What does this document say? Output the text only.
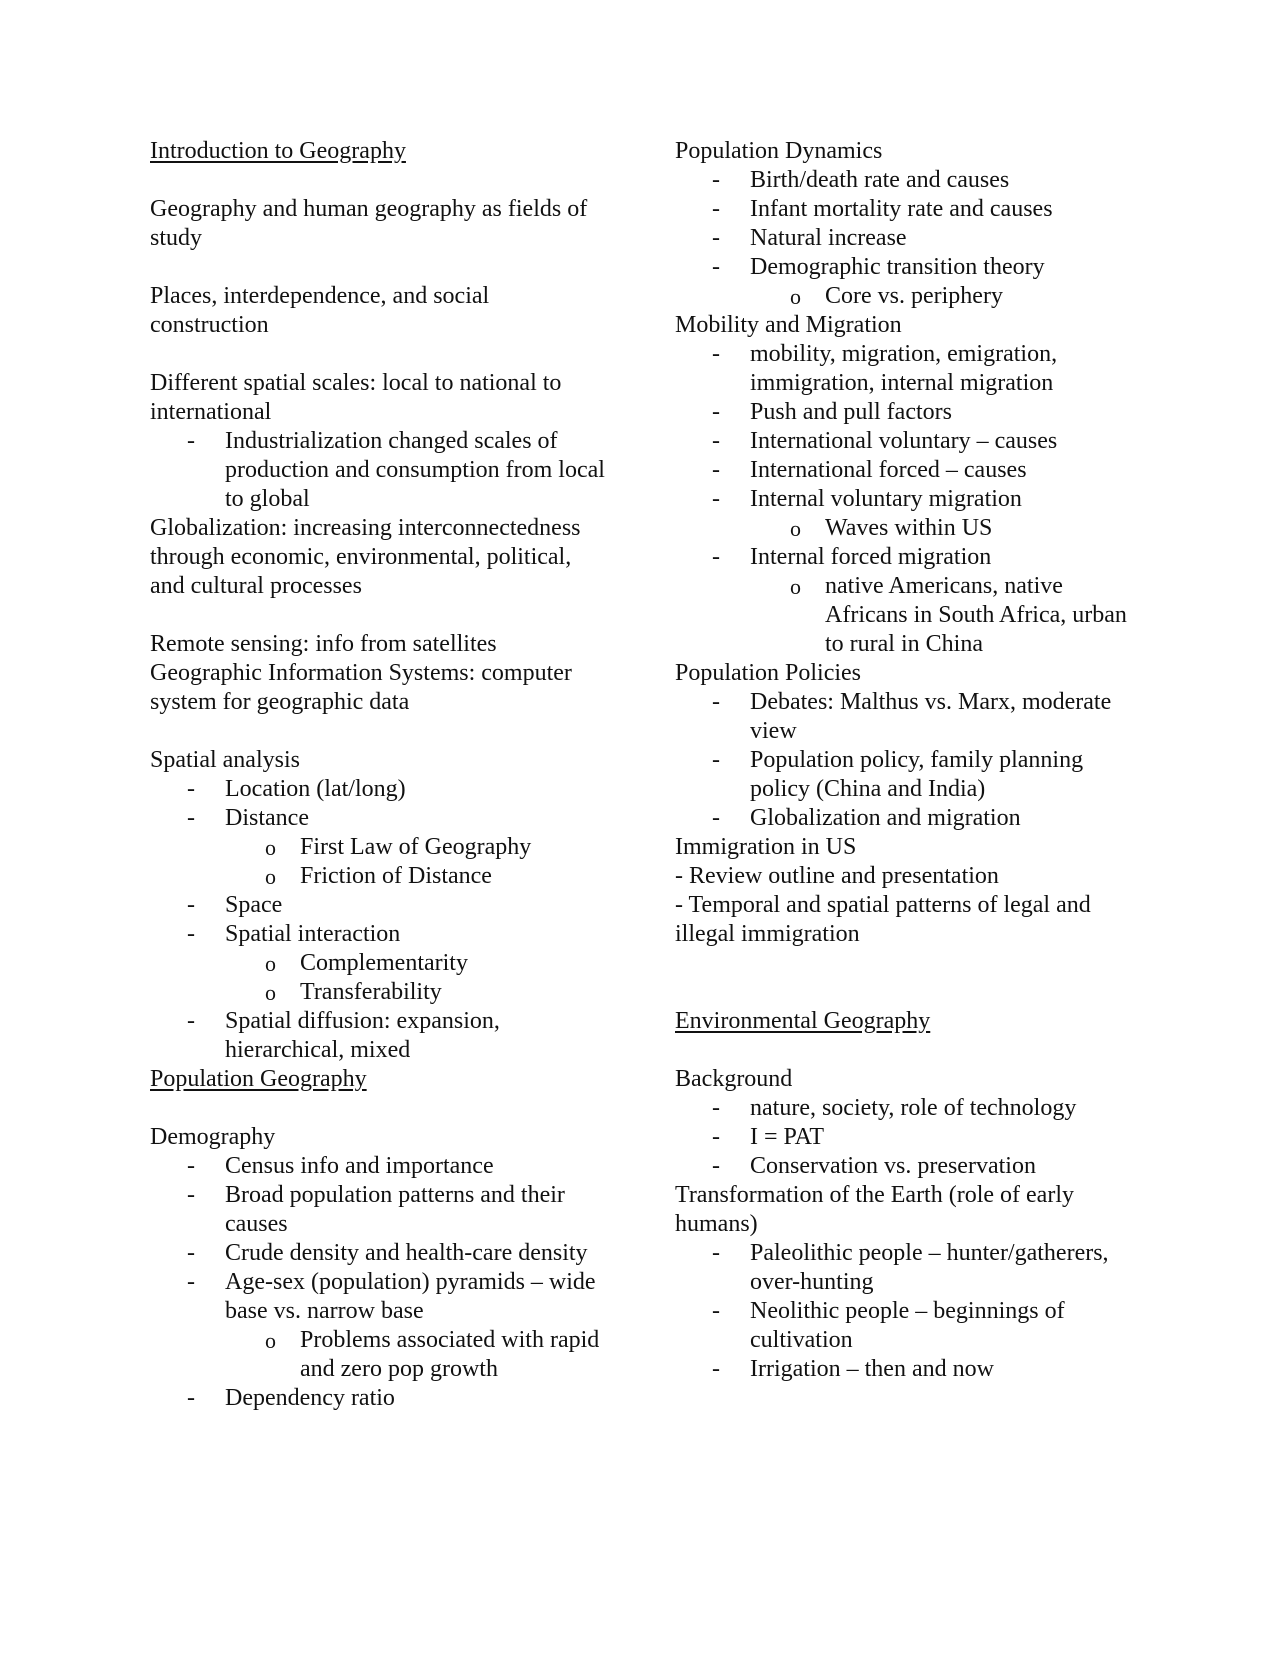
Introduction to Geography

Geography and human geography as fields of study

Places, interdependence, and social construction

Different spatial scales: local to national to international

- Industrialization changed scales of production and consumption from local to global

Globalization: increasing interconnectedness through economic, environmental, political, and cultural processes

Remote sensing: info from satellites

Geographic Information Systems: computer system for geographic data

Spatial analysis

- Location (lat/long)
- Distance
o First Law of Geography
o Friction of Distance
- Space
- Spatial interaction
o Complementarity
o Transferability
- Spatial diffusion: expansion, hierarchical, mixed

Population Geography

Demography

- Census info and importance
- Broad population patterns and their causes
- Crude density and health-care density
- Age-sex (population) pyramids – wide base vs. narrow base
o Problems associated with rapid and zero pop growth
- Dependency ratio

Population Dynamics

- Birth/death rate and causes
- Infant mortality rate and causes
- Natural increase
- Demographic transition theory
o Core vs. periphery

Mobility and Migration

- mobility, migration, emigration, immigration, internal migration
- Push and pull factors
- International voluntary – causes
- International forced – causes
- Internal voluntary migration
o Waves within US
- Internal forced migration
o native Americans, native Africans in South Africa, urban to rural in China

Population Policies

- Debates: Malthus vs. Marx, moderate view
- Population policy, family planning policy (China and India)
- Globalization and migration

Immigration in US

- Review outline and presentation

- Temporal and spatial patterns of legal and illegal immigration

Environmental Geography

Background

- nature, society, role of technology
- I = PAT
- Conservation vs. preservation

Transformation of the Earth (role of early humans)

- Paleolithic people – hunter/gatherers, over-hunting
- Neolithic people – beginnings of cultivation
- Irrigation – then and now
